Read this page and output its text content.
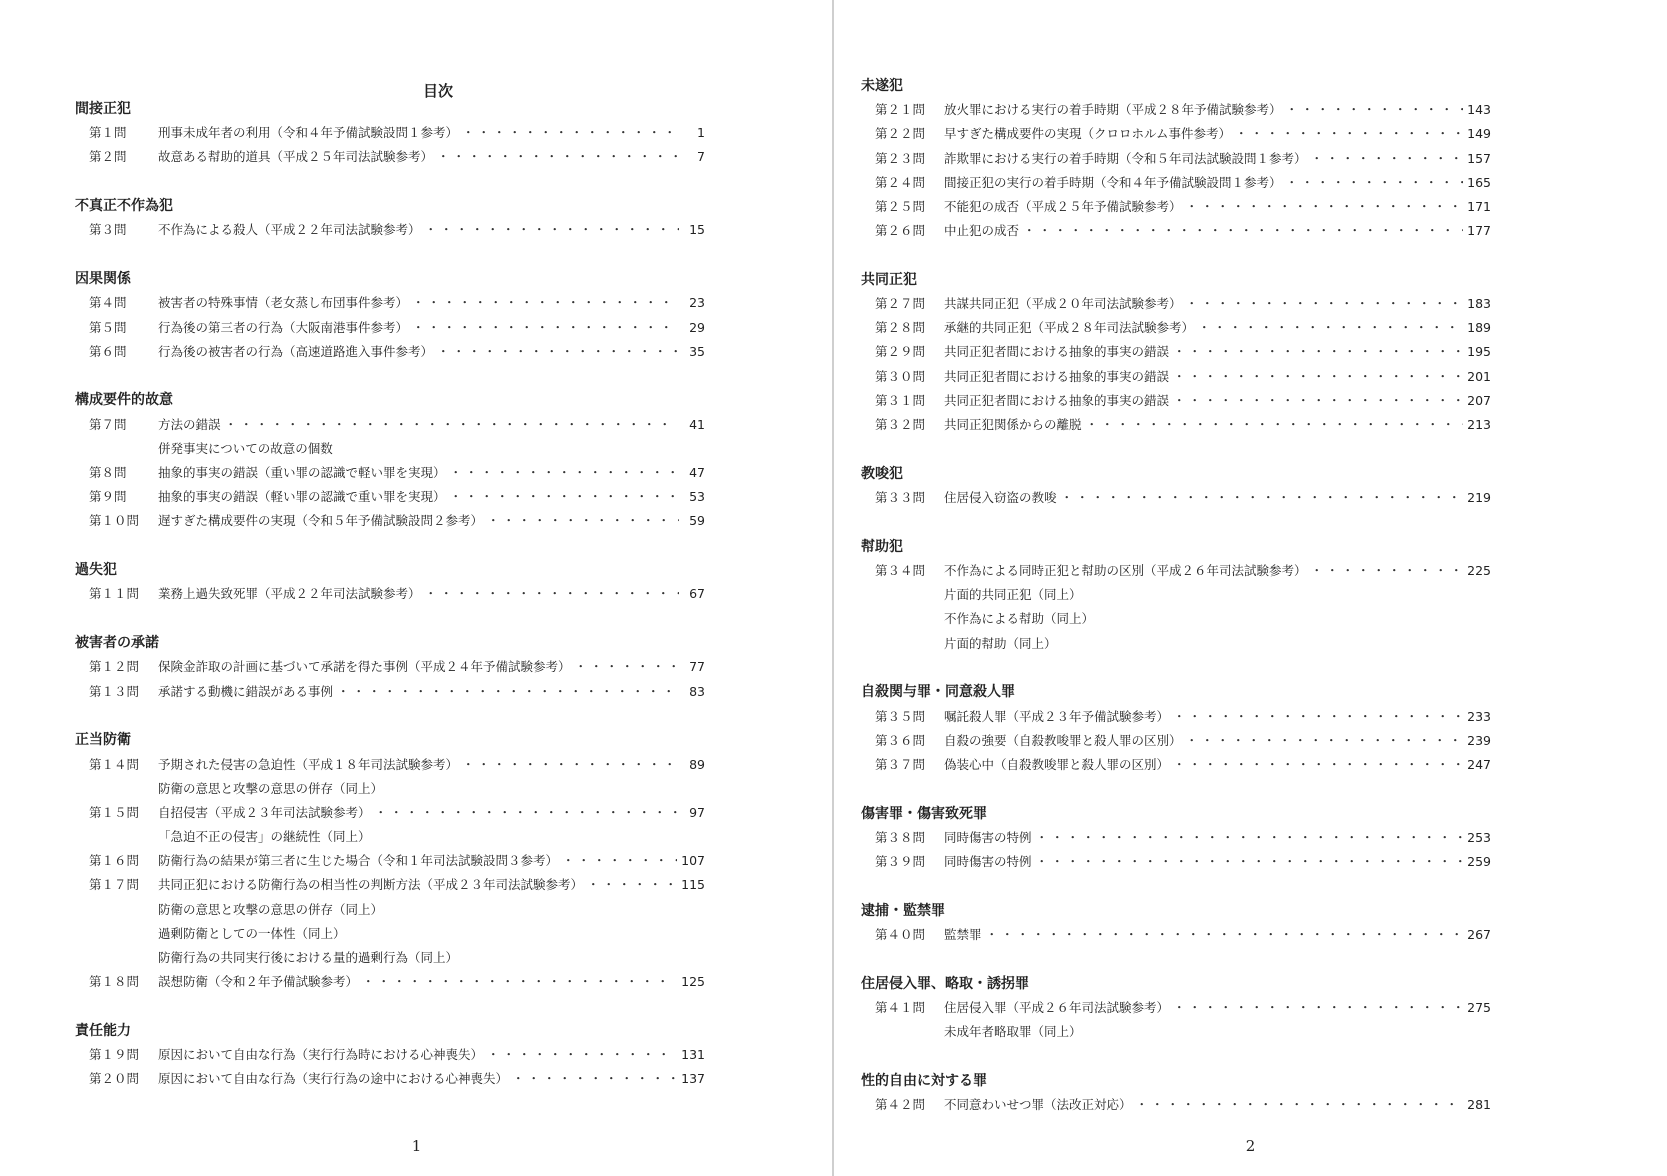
目次
間接正犯
第１問	刑事未成年者の利用（令和４年予備試験設問１参考） ・・・・・・・・・・・・・・・・・・・・・・・・・・・・・・・・・・・・・・・・・・・・・・・・・・・・・・・・・・・・・・・・・・・・・・・・・・・・・・・・	1
第２問	故意ある幇助的道具（平成２５年司法試験参考） ・・・・・・・・・・・・・・・・・・・・・・・・・・・・・・・・・・・・・・・・・・・・・・・・・・・・・・・・・・・・・・・・・・・・・・・・・・・・・・・・	7
不真正不作為犯
第３問	不作為による殺人（平成２２年司法試験参考） ・・・・・・・・・・・・・・・・・・・・・・・・・・・・・・・・・・・・・・・・・・・・・・・・・・・・・・・・・・・・・・・・・・・・・・・・・・・・・・・・	15
因果関係
第４問	被害者の特殊事情（老女蒸し布団事件参考） ・・・・・・・・・・・・・・・・・・・・・・・・・・・・・・・・・・・・・・・・・・・・・・・・・・・・・・・・・・・・・・・・・・・・・・・・・・・・・・・・	23
第５問	行為後の第三者の行為（大阪南港事件参考） ・・・・・・・・・・・・・・・・・・・・・・・・・・・・・・・・・・・・・・・・・・・・・・・・・・・・・・・・・・・・・・・・・・・・・・・・・・・・・・・・	29
第６問	行為後の被害者の行為（高速道路進入事件参考） ・・・・・・・・・・・・・・・・・・・・・・・・・・・・・・・・・・・・・・・・・・・・・・・・・・・・・・・・・・・・・・・・・・・・・・・・・・・・・・・・	35
構成要件的故意
第７問	方法の錯誤 ・・・・・・・・・・・・・・・・・・・・・・・・・・・・・・・・・・・・・・・・・・・・・・・・・・・・・・・・・・・・・・・・・・・・・・・・・・・・・・・・	41
併発事実についての故意の個数
第８問	抽象的事実の錯誤（重い罪の認識で軽い罪を実現） ・・・・・・・・・・・・・・・・・・・・・・・・・・・・・・・・・・・・・・・・・・・・・・・・・・・・・・・・・・・・・・・・・・・・・・・・・・・・・・・・	47
第９問	抽象的事実の錯誤（軽い罪の認識で重い罪を実現） ・・・・・・・・・・・・・・・・・・・・・・・・・・・・・・・・・・・・・・・・・・・・・・・・・・・・・・・・・・・・・・・・・・・・・・・・・・・・・・・・	53
第１０問	遅すぎた構成要件の実現（令和５年予備試験設問２参考） ・・・・・・・・・・・・・・・・・・・・・・・・・・・・・・・・・・・・・・・・・・・・・・・・・・・・・・・・・・・・・・・・・・・・・・・・・・・・・・・・	59
過失犯
第１１問	業務上過失致死罪（平成２２年司法試験参考） ・・・・・・・・・・・・・・・・・・・・・・・・・・・・・・・・・・・・・・・・・・・・・・・・・・・・・・・・・・・・・・・・・・・・・・・・・・・・・・・・	67
被害者の承諾
第１２問	保険金詐取の計画に基づいて承諾を得た事例（平成２４年予備試験参考） ・・・・・・・・・・・・・・・・・・・・・・・・・・・・・・・・・・・・・・・・・・・・・・・・・・・・・・・・・・・・・・・・・・・・・・・・・・・・・・・・	77
第１３問	承諾する動機に錯誤がある事例 ・・・・・・・・・・・・・・・・・・・・・・・・・・・・・・・・・・・・・・・・・・・・・・・・・・・・・・・・・・・・・・・・・・・・・・・・・・・・・・・・	83
正当防衛
第１４問	予期された侵害の急迫性（平成１８年司法試験参考） ・・・・・・・・・・・・・・・・・・・・・・・・・・・・・・・・・・・・・・・・・・・・・・・・・・・・・・・・・・・・・・・・・・・・・・・・・・・・・・・・	89
防衛の意思と攻撃の意思の併存（同上）
第１５問	自招侵害（平成２３年司法試験参考） ・・・・・・・・・・・・・・・・・・・・・・・・・・・・・・・・・・・・・・・・・・・・・・・・・・・・・・・・・・・・・・・・・・・・・・・・・・・・・・・・	97
「急迫不正の侵害」の継続性（同上）
第１６問	防衛行為の結果が第三者に生じた場合（令和１年司法試験設問３参考） ・・・・・・・・・・・・・・・・・・・・・・・・・・・・・・・・・・・・・・・・・・・・・・・・・・・・・・・・・・・・・・・・・・・・・・・・・・・・・・・・	107
第１７問	共同正犯における防衛行為の相当性の判断方法（平成２３年司法試験参考） ・・・・・・・・・・・・・・・・・・・・・・・・・・・・・・・・・・・・・・・・・・・・・・・・・・・・・・・・・・・・・・・・・・・・・・・・・・・・・・・・	115
防衛の意思と攻撃の意思の併存（同上）
過剰防衛としての一体性（同上）
防衛行為の共同実行後における量的過剰行為（同上）
第１８問	誤想防衛（令和２年予備試験参考） ・・・・・・・・・・・・・・・・・・・・・・・・・・・・・・・・・・・・・・・・・・・・・・・・・・・・・・・・・・・・・・・・・・・・・・・・・・・・・・・・	125
責任能力
第１９問	原因において自由な行為（実行行為時における心神喪失） ・・・・・・・・・・・・・・・・・・・・・・・・・・・・・・・・・・・・・・・・・・・・・・・・・・・・・・・・・・・・・・・・・・・・・・・・・・・・・・・・	131
第２０問	原因において自由な行為（実行行為の途中における心神喪失） ・・・・・・・・・・・・・・・・・・・・・・・・・・・・・・・・・・・・・・・・・・・・・・・・・・・・・・・・・・・・・・・・・・・・・・・・・・・・・・・・	137
1
未遂犯
第２１問	放火罪における実行の着手時期（平成２８年予備試験参考） ・・・・・・・・・・・・・・・・・・・・・・・・・・・・・・・・・・・・・・・・・・・・・・・・・・・・・・・・・・・・・・・・・・・・・・・・・・・・・・・・	143
第２２問	早すぎた構成要件の実現（クロロホルム事件参考） ・・・・・・・・・・・・・・・・・・・・・・・・・・・・・・・・・・・・・・・・・・・・・・・・・・・・・・・・・・・・・・・・・・・・・・・・・・・・・・・・	149
第２３問	詐欺罪における実行の着手時期（令和５年司法試験設問１参考） ・・・・・・・・・・・・・・・・・・・・・・・・・・・・・・・・・・・・・・・・・・・・・・・・・・・・・・・・・・・・・・・・・・・・・・・・・・・・・・・・	157
第２４問	間接正犯の実行の着手時期（令和４年予備試験設問１参考） ・・・・・・・・・・・・・・・・・・・・・・・・・・・・・・・・・・・・・・・・・・・・・・・・・・・・・・・・・・・・・・・・・・・・・・・・・・・・・・・・	165
第２５問	不能犯の成否（平成２５年予備試験参考） ・・・・・・・・・・・・・・・・・・・・・・・・・・・・・・・・・・・・・・・・・・・・・・・・・・・・・・・・・・・・・・・・・・・・・・・・・・・・・・・・	171
第２６問	中止犯の成否 ・・・・・・・・・・・・・・・・・・・・・・・・・・・・・・・・・・・・・・・・・・・・・・・・・・・・・・・・・・・・・・・・・・・・・・・・・・・・・・・・	177
共同正犯
第２７問	共謀共同正犯（平成２０年司法試験参考） ・・・・・・・・・・・・・・・・・・・・・・・・・・・・・・・・・・・・・・・・・・・・・・・・・・・・・・・・・・・・・・・・・・・・・・・・・・・・・・・・	183
第２８問	承継的共同正犯（平成２８年司法試験参考） ・・・・・・・・・・・・・・・・・・・・・・・・・・・・・・・・・・・・・・・・・・・・・・・・・・・・・・・・・・・・・・・・・・・・・・・・・・・・・・・・	189
第２９問	共同正犯者間における抽象的事実の錯誤 ・・・・・・・・・・・・・・・・・・・・・・・・・・・・・・・・・・・・・・・・・・・・・・・・・・・・・・・・・・・・・・・・・・・・・・・・・・・・・・・・	195
第３０問	共同正犯者間における抽象的事実の錯誤 ・・・・・・・・・・・・・・・・・・・・・・・・・・・・・・・・・・・・・・・・・・・・・・・・・・・・・・・・・・・・・・・・・・・・・・・・・・・・・・・・	201
第３１問	共同正犯者間における抽象的事実の錯誤 ・・・・・・・・・・・・・・・・・・・・・・・・・・・・・・・・・・・・・・・・・・・・・・・・・・・・・・・・・・・・・・・・・・・・・・・・・・・・・・・・	207
第３２問	共同正犯関係からの離脱 ・・・・・・・・・・・・・・・・・・・・・・・・・・・・・・・・・・・・・・・・・・・・・・・・・・・・・・・・・・・・・・・・・・・・・・・・・・・・・・・・	213
教唆犯
第３３問	住居侵入窃盗の教唆 ・・・・・・・・・・・・・・・・・・・・・・・・・・・・・・・・・・・・・・・・・・・・・・・・・・・・・・・・・・・・・・・・・・・・・・・・・・・・・・・・	219
幇助犯
第３４問	不作為による同時正犯と幇助の区別（平成２６年司法試験参考） ・・・・・・・・・・・・・・・・・・・・・・・・・・・・・・・・・・・・・・・・・・・・・・・・・・・・・・・・・・・・・・・・・・・・・・・・・・・・・・・・	225
片面的共同正犯（同上）
不作為による幇助（同上）
片面的幇助（同上）
自殺関与罪・同意殺人罪
第３５問	嘱託殺人罪（平成２３年予備試験参考） ・・・・・・・・・・・・・・・・・・・・・・・・・・・・・・・・・・・・・・・・・・・・・・・・・・・・・・・・・・・・・・・・・・・・・・・・・・・・・・・・	233
第３６問	自殺の強要（自殺教唆罪と殺人罪の区別） ・・・・・・・・・・・・・・・・・・・・・・・・・・・・・・・・・・・・・・・・・・・・・・・・・・・・・・・・・・・・・・・・・・・・・・・・・・・・・・・・	239
第３７問	偽装心中（自殺教唆罪と殺人罪の区別） ・・・・・・・・・・・・・・・・・・・・・・・・・・・・・・・・・・・・・・・・・・・・・・・・・・・・・・・・・・・・・・・・・・・・・・・・・・・・・・・・	247
傷害罪・傷害致死罪
第３８問	同時傷害の特例 ・・・・・・・・・・・・・・・・・・・・・・・・・・・・・・・・・・・・・・・・・・・・・・・・・・・・・・・・・・・・・・・・・・・・・・・・・・・・・・・・	253
第３９問	同時傷害の特例 ・・・・・・・・・・・・・・・・・・・・・・・・・・・・・・・・・・・・・・・・・・・・・・・・・・・・・・・・・・・・・・・・・・・・・・・・・・・・・・・・	259
逮捕・監禁罪
第４０問	監禁罪 ・・・・・・・・・・・・・・・・・・・・・・・・・・・・・・・・・・・・・・・・・・・・・・・・・・・・・・・・・・・・・・・・・・・・・・・・・・・・・・・・	267
住居侵入罪、略取・誘拐罪
第４１問	住居侵入罪（平成２６年司法試験参考） ・・・・・・・・・・・・・・・・・・・・・・・・・・・・・・・・・・・・・・・・・・・・・・・・・・・・・・・・・・・・・・・・・・・・・・・・・・・・・・・・	275
未成年者略取罪（同上）
性的自由に対する罪
第４２問	不同意わいせつ罪（法改正対応） ・・・・・・・・・・・・・・・・・・・・・・・・・・・・・・・・・・・・・・・・・・・・・・・・・・・・・・・・・・・・・・・・・・・・・・・・・・・・・・・・	281
2
